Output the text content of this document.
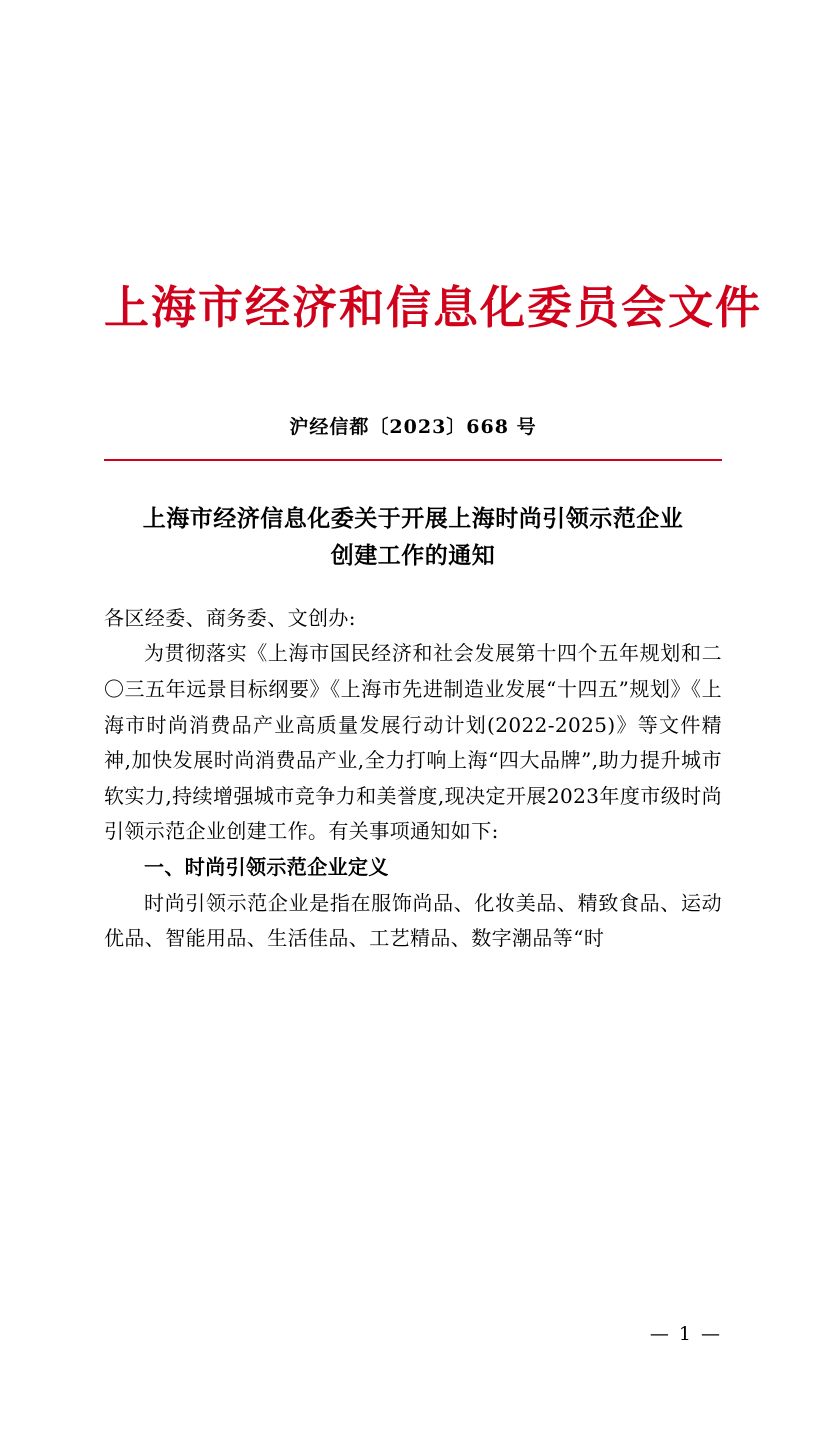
上海市经济和信息化委员会文件
沪经信都〔2023〕668 号
上海市经济信息化委关于开展上海时尚引领示范企业
创建工作的通知

各区经委、商务委、文创办:

为贯彻落实《上海市国民经济和社会发展第十四个五年规划和二〇三五年远景目标纲要》《上海市先进制造业发展“十四五”规划》《上海市时尚消费品产业高质量发展行动计划(2022-2025)》等文件精神,加快发展时尚消费品产业,全力打响上海“四大品牌”,助力提升城市软实力,持续增强城市竞争力和美誉度,现决定开展2023年度市级时尚引领示范企业创建工作。有关事项通知如下:

一、时尚引领示范企业定义

时尚引领示范企业是指在服饰尚品、化妆美品、精致食品、运动优品、智能用品、生活佳品、工艺精品、数字潮品等“时

— 1 —
